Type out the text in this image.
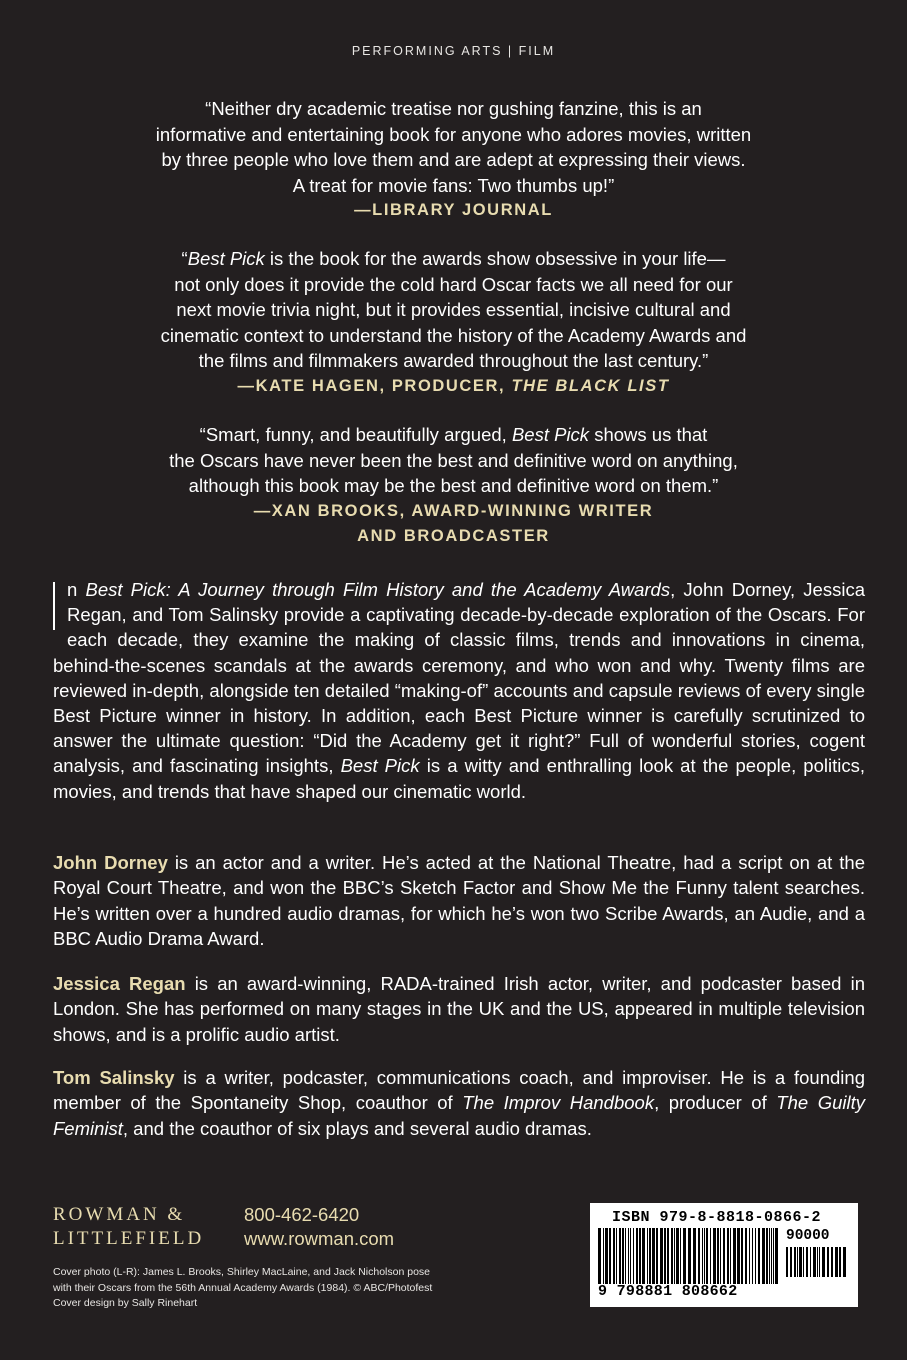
PERFORMING ARTS | FILM
“Neither dry academic treatise nor gushing fanzine, this is an
informative and entertaining book for anyone who adores movies, written
by three people who love them and are adept at expressing their views.
A treat for movie fans: Two thumbs up!”
—LIBRARY JOURNAL
“Best Pick is the book for the awards show obsessive in your life—
not only does it provide the cold hard Oscar facts we all need for our
next movie trivia night, but it provides essential, incisive cultural and
cinematic context to understand the history of the Academy Awards and
the films and filmmakers awarded throughout the last century.”
—KATE HAGEN, PRODUCER, THE BLACK LIST
“Smart, funny, and beautifully argued, Best Pick shows us that
the Oscars have never been the best and definitive word on anything,
although this book may be the best and definitive word on them.”
—XAN BROOKS, AWARD-WINNING WRITER
AND BROADCASTER
n Best Pick: A Journey through Film History and the Academy Awards, John Dorney, Jessica Regan, and Tom Salinsky provide a captivating decade-by-decade exploration of the Oscars. For each decade, they examine the making of classic films, trends and innovations in cinema, behind-the-scenes scandals at the awards ceremony, and who won and why. Twenty films are reviewed in-depth, alongside ten detailed “making-of” accounts and capsule reviews of every single Best Picture winner in history. In addition, each Best Picture winner is carefully scrutinized to answer the ultimate question: “Did the Academy get it right?” Full of wonderful stories, cogent analysis, and fascinating insights, Best Pick is a witty and enthralling look at the people, politics, movies, and trends that have shaped our cinematic world.
John Dorney is an actor and a writer. He’s acted at the National Theatre, had a script on at the Royal Court Theatre, and won the BBC’s Sketch Factor and Show Me the Funny talent searches. He’s written over a hundred audio dramas, for which he’s won two Scribe Awards, an Audie, and a BBC Audio Drama Award.
Jessica Regan is an award-winning, RADA-trained Irish actor, writer, and podcaster based in London. She has performed on many stages in the UK and the US, appeared in multiple television shows, and is a prolific audio artist.
Tom Salinsky is a writer, podcaster, communications coach, and improviser. He is a founding member of the Spontaneity Shop, coauthor of The Improv Handbook, producer of The Guilty Feminist, and the coauthor of six plays and several audio dramas.
ROWMAN &
LITTLEFIELD
800-462-6420
www.rowman.com
Cover photo (L-R): James L. Brooks, Shirley MacLaine, and Jack Nicholson pose
with their Oscars from the 56th Annual Academy Awards (1984). © ABC/Photofest
Cover design by Sally Rinehart
ISBN 979-8-8818-0866-2
90000
9 798881 808662
